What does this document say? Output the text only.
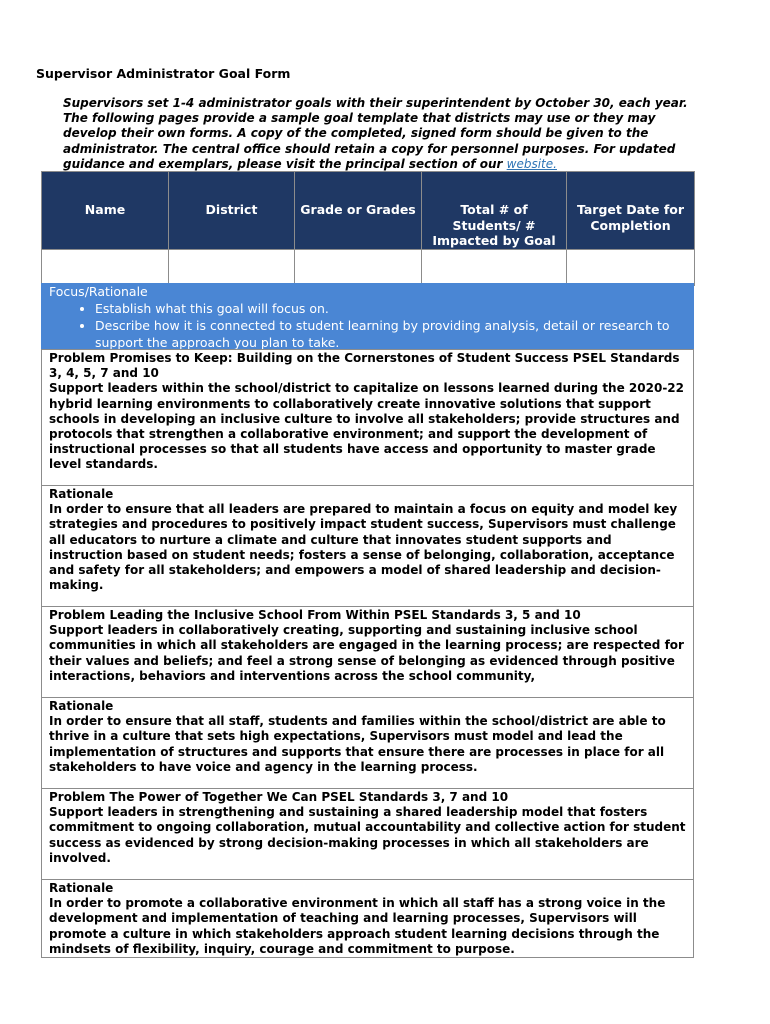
Supervisor Administrator Goal Form
Supervisors set 1-4 administrator goals with their superintendent by October 30, each year. The following pages provide a sample goal template that districts may use or they may develop their own forms. A copy of the completed, signed form should be given to the administrator. The central office should retain a copy for personnel purposes. For updated guidance and exemplars, please visit the principal section of our website.
Name	District	Grade or Grades	Total # of Students/ # Impacted by Goal	Target Date for Completion

Focus/Rationale
• Establish what this goal will focus on.
• Describe how it is connected to student learning by providing analysis, detail or research to support the approach you plan to take.
Problem Promises to Keep: Building on the Cornerstones of Student Success PSEL Standards 3, 4, 5, 7 and 10
Support leaders within the school/district to capitalize on lessons learned during the 2020-22 hybrid learning environments to collaboratively create innovative solutions that support schools in developing an inclusive culture to involve all stakeholders; provide structures and protocols that strengthen a collaborative environment; and support the development of instructional processes so that all students have access and opportunity to master grade level standards.
Rationale
In order to ensure that all leaders are prepared to maintain a focus on equity and model key strategies and procedures to positively impact student success, Supervisors must challenge all educators to nurture a climate and culture that innovates student supports and instruction based on student needs; fosters a sense of belonging, collaboration, acceptance and safety for all stakeholders; and empowers a model of shared leadership and decision-making.
Problem Leading the Inclusive School From Within PSEL Standards 3, 5 and 10
Support leaders in collaboratively creating, supporting and sustaining inclusive school communities in which all stakeholders are engaged in the learning process; are respected for their values and beliefs; and feel a strong sense of belonging as evidenced through positive interactions, behaviors and interventions across the school community,
Rationale
In order to ensure that all staff, students and families within the school/district are able to thrive in a culture that sets high expectations, Supervisors must model and lead the implementation of structures and supports that ensure there are processes in place for all stakeholders to have voice and agency in the learning process.
Problem The Power of Together We Can PSEL Standards 3, 7 and 10
Support leaders in strengthening and sustaining a shared leadership model that fosters commitment to ongoing collaboration, mutual accountability and collective action for student success as evidenced by strong decision-making processes in which all stakeholders are involved.
Rationale
In order to promote a collaborative environment in which all staff has a strong voice in the development and implementation of teaching and learning processes, Supervisors will promote a culture in which stakeholders approach student learning decisions through the mindsets of flexibility, inquiry, courage and commitment to purpose.
